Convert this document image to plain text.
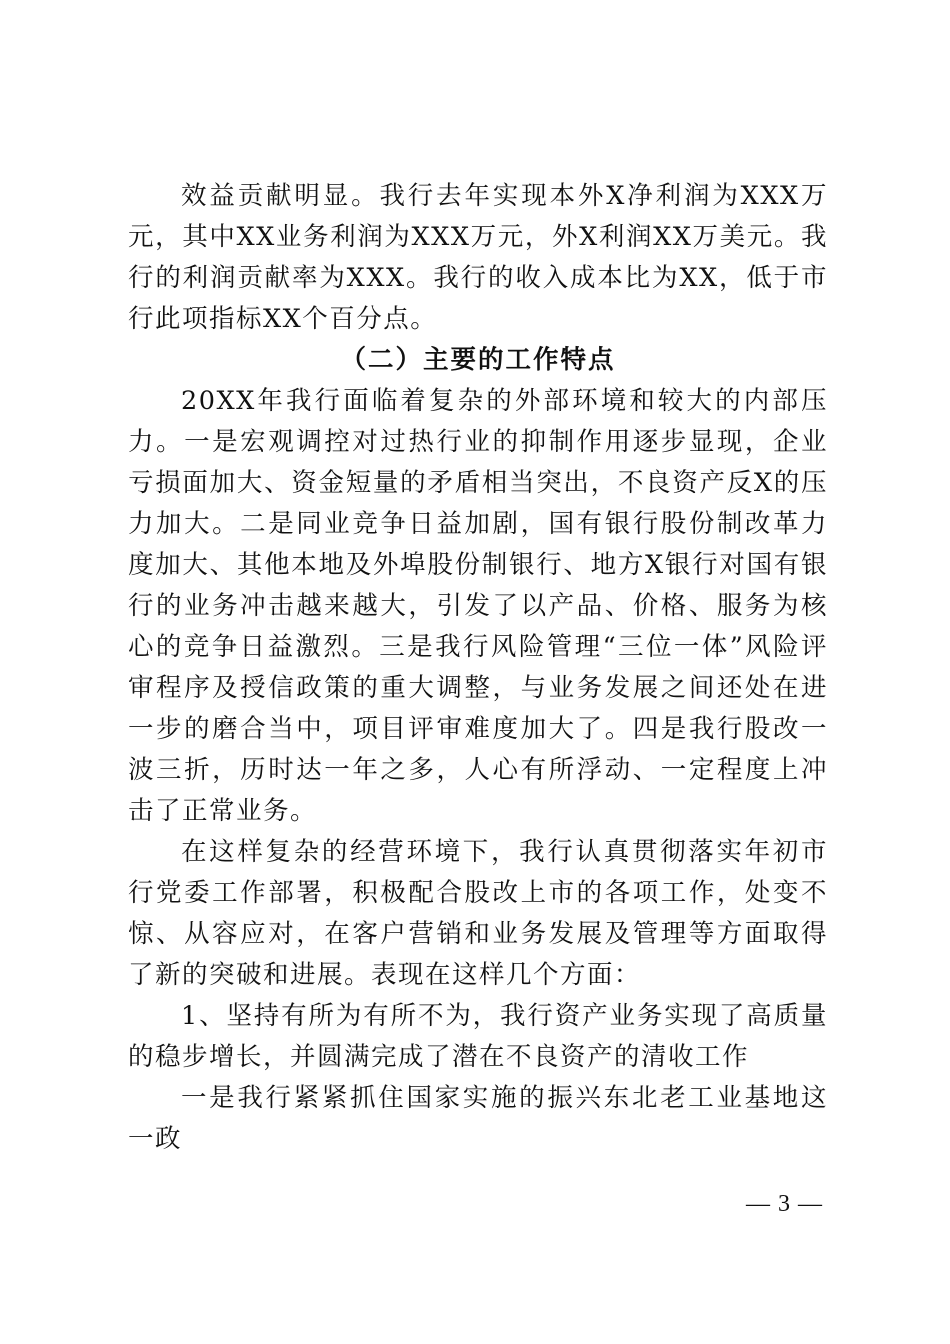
效益贡献明显。我行去年实现本外X净利润为XXX万元，其中XX业务利润为XXX万元，外X利润XX万美元。我行的利润贡献率为XXX。我行的收入成本比为XX，低于市行此项指标XX个百分点。

（二）主要的工作特点

20XX年我行面临着复杂的外部环境和较大的内部压力。一是宏观调控对过热行业的抑制作用逐步显现，企业亏损面加大、资金短量的矛盾相当突出，不良资产反X的压力加大。二是同业竞争日益加剧，国有银行股份制改革力度加大、其他本地及外埠股份制银行、地方X银行对国有银行的业务冲击越来越大，引发了以产品、价格、服务为核心的竞争日益激烈。三是我行风险管理“三位一体”风险评审程序及授信政策的重大调整，与业务发展之间还处在进一步的磨合当中，项目评审难度加大了。四是我行股改一波三折，历时达一年之多，人心有所浮动、一定程度上冲击了正常业务。

在这样复杂的经营环境下，我行认真贯彻落实年初市行党委工作部署，积极配合股改上市的各项工作，处变不惊、从容应对，在客户营销和业务发展及管理等方面取得了新的突破和进展。表现在这样几个方面：

1、坚持有所为有所不为，我行资产业务实现了高质量的稳步增长，并圆满完成了潜在不良资产的清收工作

一是我行紧紧抓住国家实施的振兴东北老工业基地这一政

— 3 —
